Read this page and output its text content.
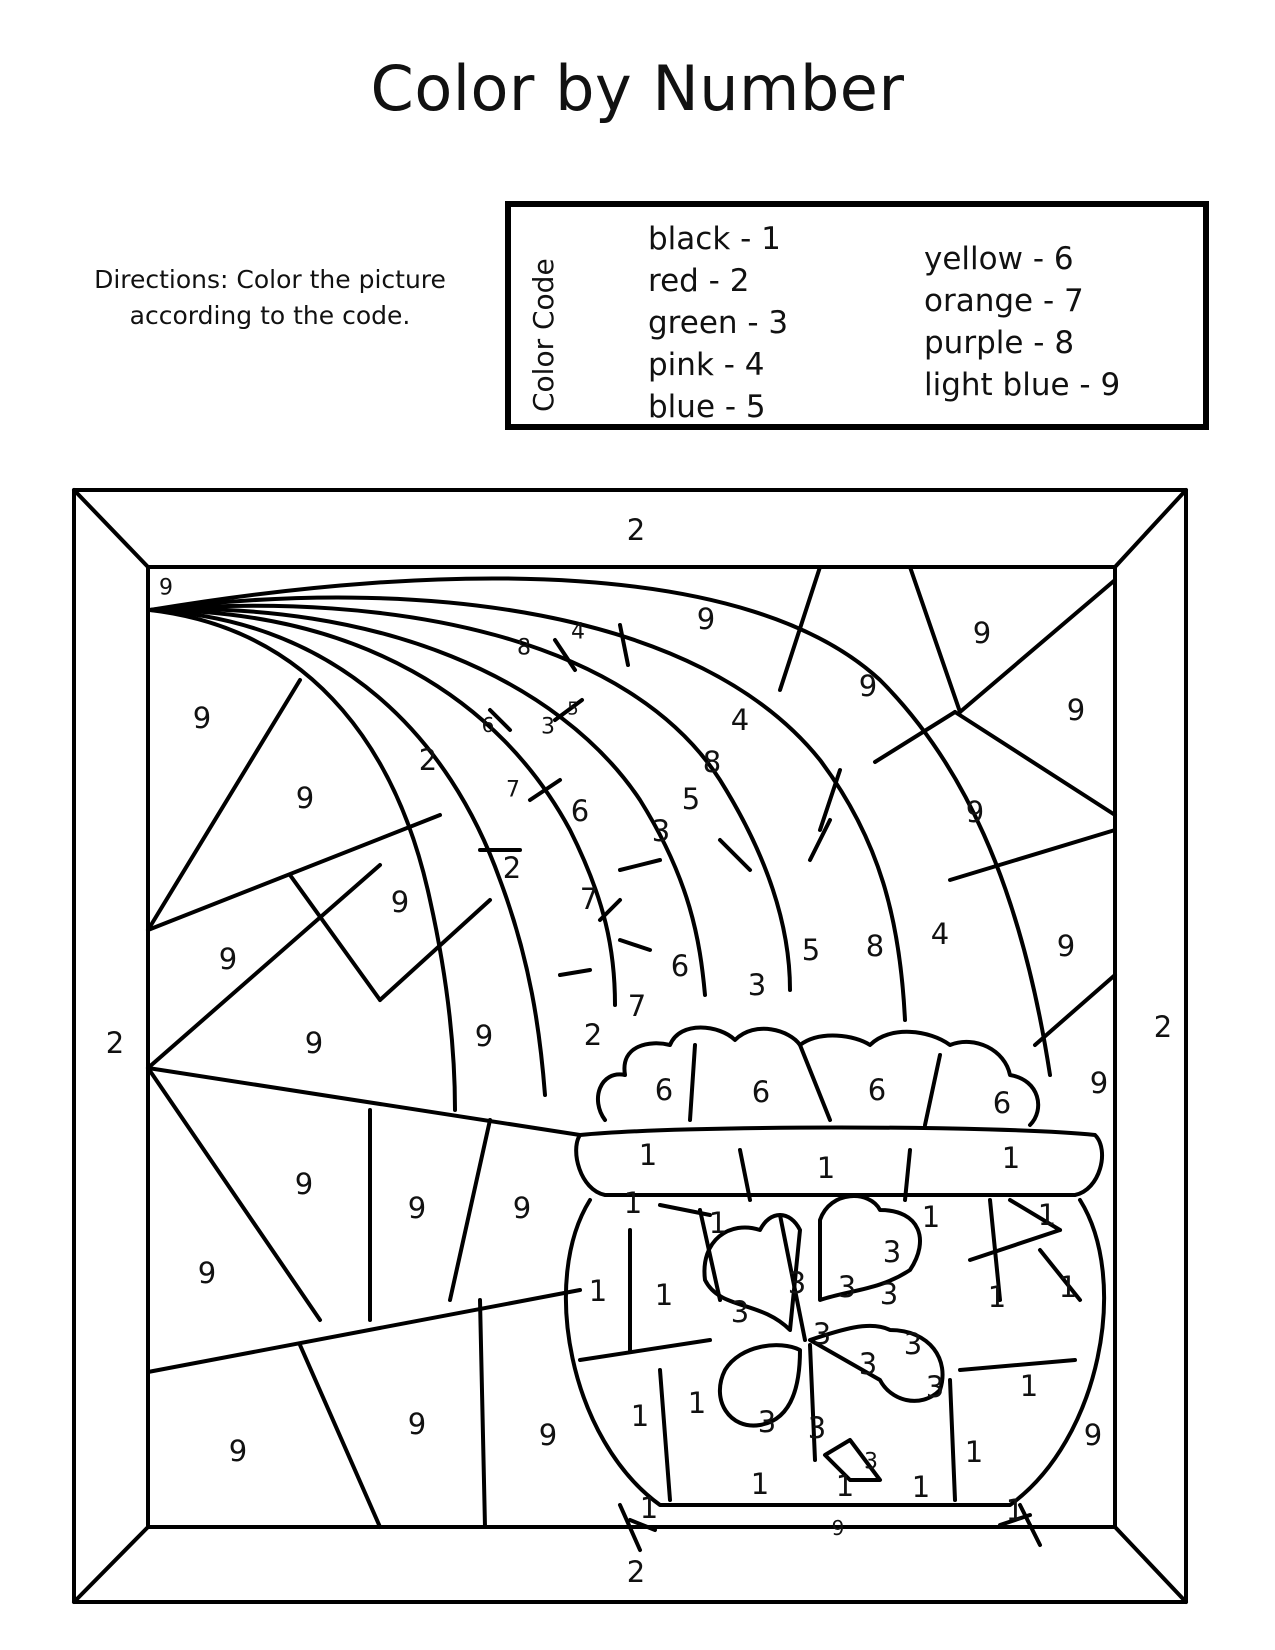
Color by Number
Directions: Color the picture according to the code.	Color Code
black - 1
red - 2
green - 3
pink - 4
blue - 5
yellow - 6
orange - 7
purple - 8
light blue - 9
2
2
2	2
9
9
9
9
9	9
9
9	9
9
9	9
9
9
9
9
9
9
9
9
9
9
9
8
4
6 3
5
2
7
4
8
5
6
3
2
7
6
3
5 8 4
7
2
6	6	6	6
1	1	1
1
1	1	1
1 1	1 1
1
1 1
1
1 1 1
1	1
3
3
3 3 3
3	3
3
3
3 3
3
